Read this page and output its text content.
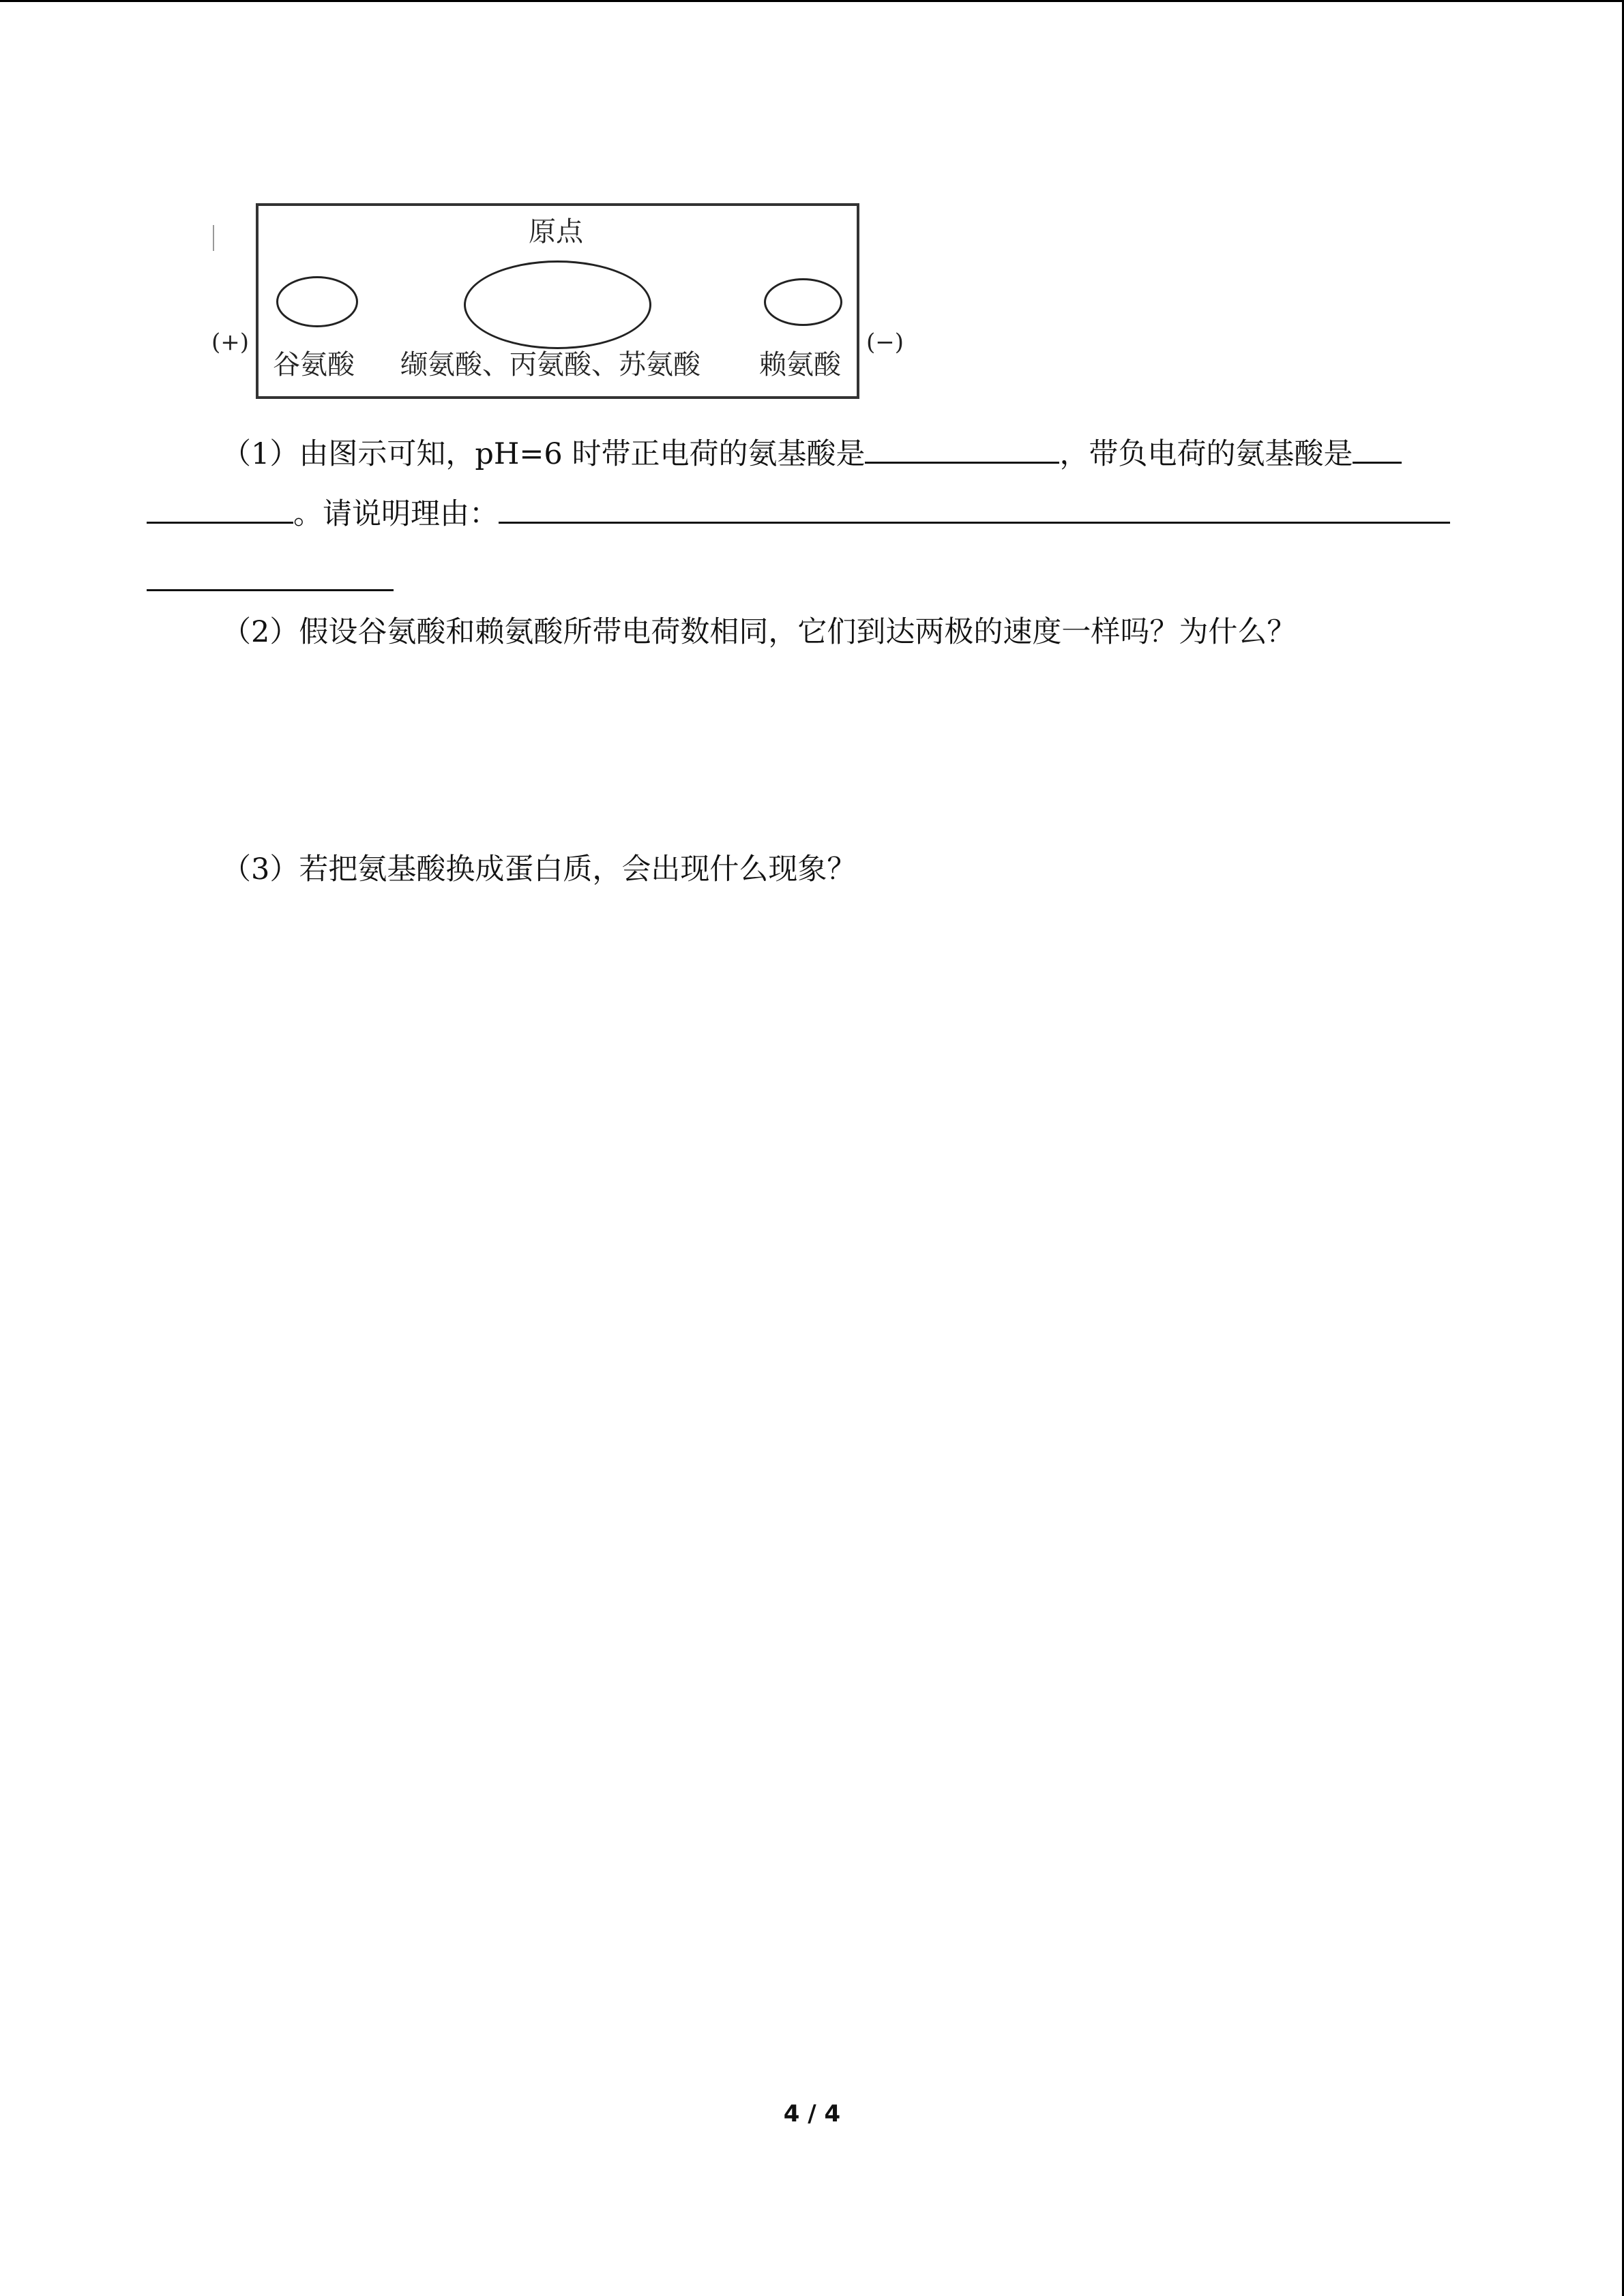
原点
(+)	(−)
谷氨酸 缬氨酸、丙氨酸、苏氨酸 赖氨酸
（1）由图示可知，pH=6 时带正电荷的氨基酸是	，带负电荷的氨基酸是
。请说明理由：
（2）假设谷氨酸和赖氨酸所带电荷数相同，它们到达两极的速度一样吗？为什么？
（3）若把氨基酸换成蛋白质，会出现什么现象？
4 / 4
